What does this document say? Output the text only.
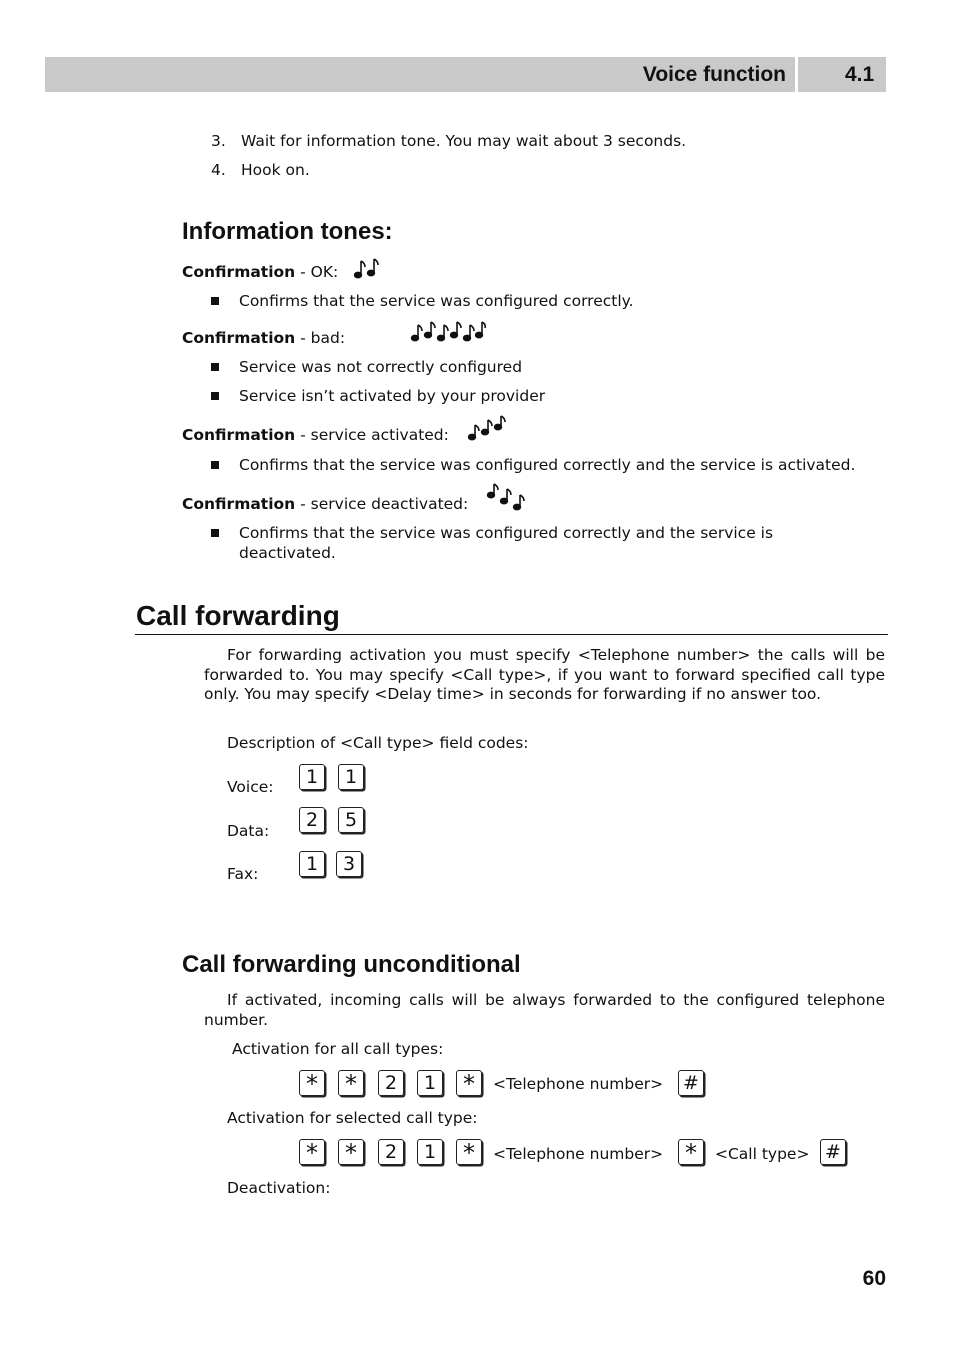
Voice function	4.1
3. Wait for information tone. You may wait about 3 seconds.
4. Hook on.
Information tones:
Confirmation - OK:
Confirms that the service was configured correctly.
Confirmation - bad:
Service was not correctly configured
Service isn’t activated by your provider
Confirmation - service activated:
Confirms that the service was configured correctly and the service is activated.
Confirmation - service deactivated:
Confirms that the service was configured correctly and the service is deactivated.
Call forwarding
For forwarding activation you must specify <Telephone number> the calls will be forwarded to. You may specify <Call type>, if you want to forward specified call type only. You may specify <Delay time> in seconds for forwarding if no answer too.
Description of <Call type> field codes:
Voice:	1	1
Data:	2	5
Fax:	1	3
Call forwarding unconditional
If activated, incoming calls will be always forwarded to the configured telephone number.
Activation for all call types:
* *	2	1 *	<Telephone number> #
Activation for selected call type:
* *	2	1 *	<Telephone number> *	<Call type> #
Deactivation:
60
